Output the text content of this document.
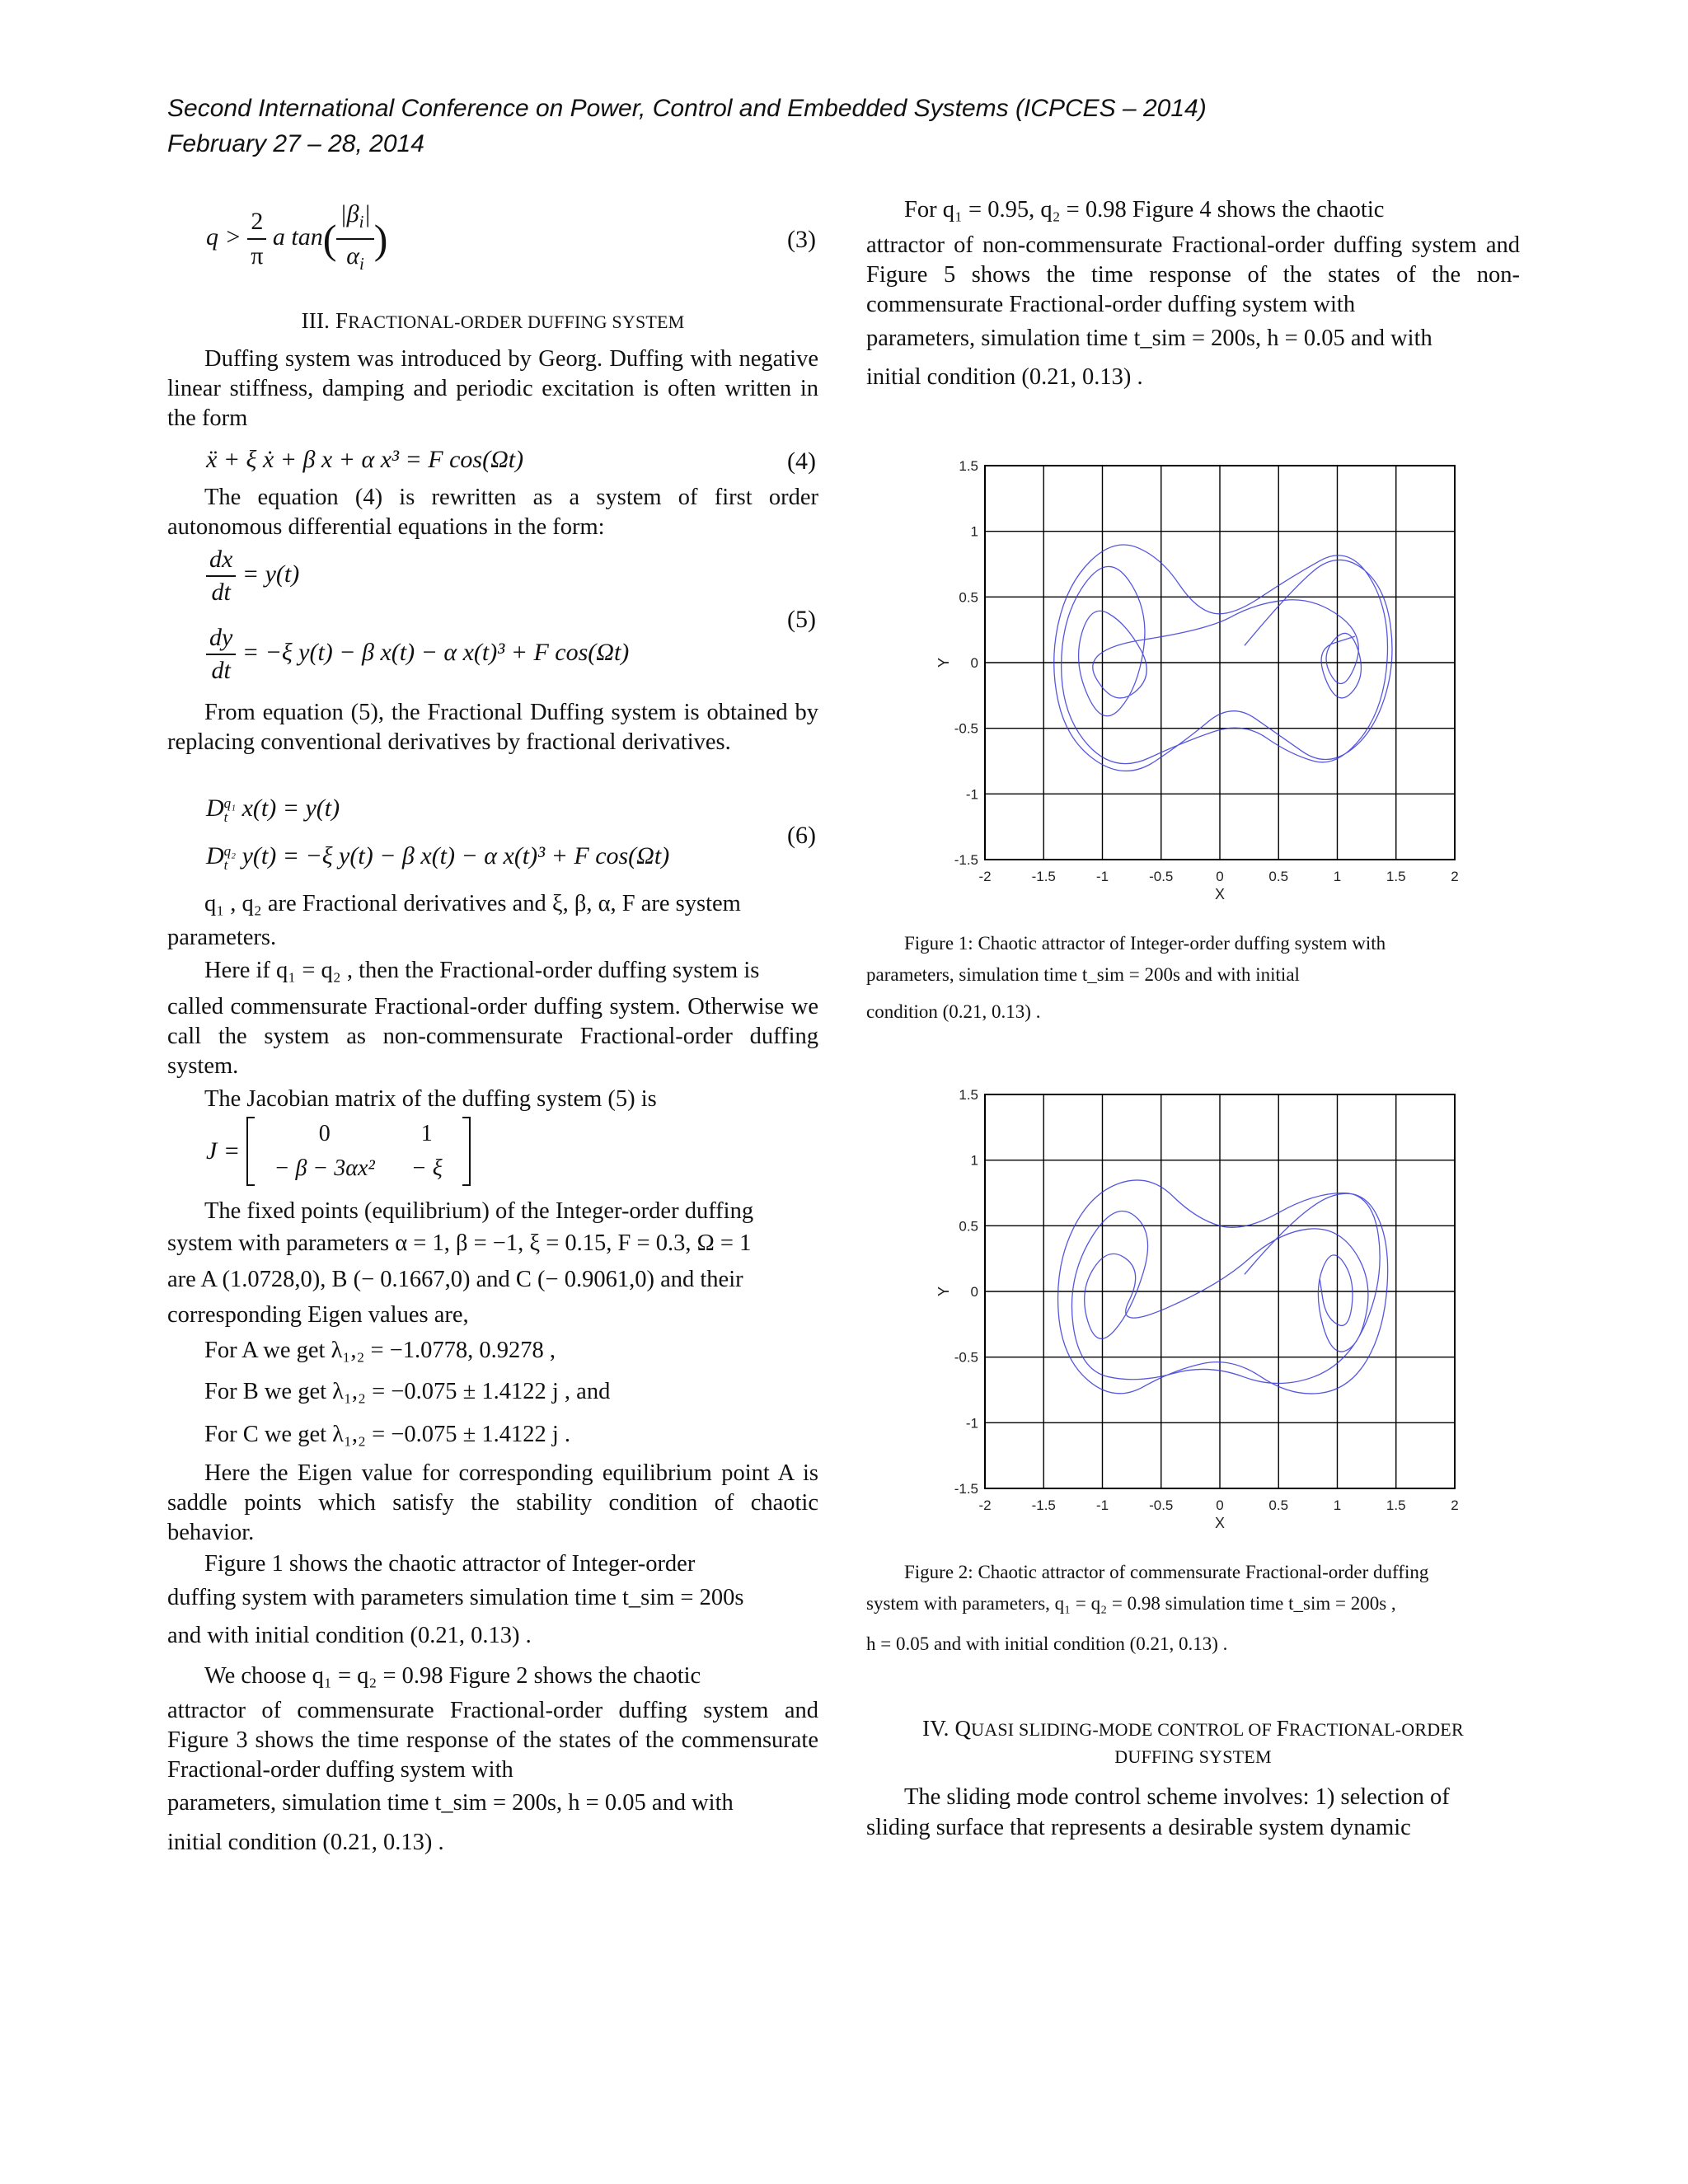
Second International Conference on Power, Control and Embedded Systems (ICPCES – 2014)
February 27 – 28, 2014
$q > \frac{2}{\pi}$ a $\tan( \frac{|\beta_i|}{\alpha_i}$ )	(3)
III. FRACTIONAL-ORDER DUFFING SYSTEM
Duffing system was introduced by Georg. Duffing with negative linear stiffness, damping and periodic excitation is often written in the form
ẍ + ξ ẋ + β x + α x³ = F cos(Ωt)	(4)
The equation (4) is rewritten as a system of first order autonomous differential equations in the form:
$\frac{dx}{dt} = y(t)$
$\frac{dy}{dt} = -\xi$ y(t) − β x(t) − α x(t)³ + F cos(Ωt)
(5)
From equation (5), the Fractional Duffing system is obtained by replacing conventional derivatives by fractional derivatives.
D q₁
t x(t) = y(t)
D q₂
t y(t) = −ξ y(t) − β x(t) − α x(t)³ + F cos(Ωt)
(6)
q₁ , q₂ are Fractional derivatives and ξ, β, α, F are system
parameters.
Here if q₁ = q₂ , then the Fractional-order duffing system is
called commensurate Fractional-order duffing system. Otherwise we call the system as non-commensurate Fractional-order duffing system.
The Jacobian matrix of the duffing system (5) is
J =
0	1
− β − 3αx²	− ξ
The fixed points (equilibrium) of the Integer-order duffing
system with parameters α = 1, β = −1, ξ = 0.15, F = 0.3, Ω = 1
are A (1.0728,0), B (− 0.1667,0) and C (− 0.9061,0) and their
corresponding Eigen values are,
For A we get λ₁,₂ = −1.0778, 0.9278 ,
For B we get λ₁,₂ = −0.075 ± 1.4122 j , and
For C we get λ₁,₂ = −0.075 ± 1.4122 j .
Here the Eigen value for corresponding equilibrium point A is saddle points which satisfy the stability condition of chaotic behavior.
Figure 1 shows the chaotic attractor of Integer-order
duffing system with parameters simulation time t_sim = 200s
and with initial condition (0.21, 0.13) .
We choose q₁ = q₂ = 0.98 Figure 2 shows the chaotic
attractor of commensurate Fractional-order duffing system and Figure 3 shows the time response of the states of the commensurate Fractional-order duffing system with
parameters, simulation time t_sim = 200s, h = 0.05 and with
initial condition (0.21, 0.13) .
For q₁ = 0.95, q₂ = 0.98 Figure 4 shows the chaotic
attractor of non-commensurate Fractional-order duffing system and Figure 5 shows the time response of the states of the non-commensurate Fractional-order duffing system with
parameters, simulation time t_sim = 200s, h = 0.05 and with
initial condition (0.21, 0.13) .
-2	-1.5	-1	-0.5	0	0.5	1	1.5	2
-1.5
-1
-0.5
0
0.5
1
1.5
X
Y
Figure 1: Chaotic attractor of Integer-order duffing system with
parameters, simulation time t_sim = 200s and with initial
condition (0.21, 0.13) .
-2	-1.5	-1	-0.5	0	0.5	1	1.5	2
-1.5
-1
-0.5
0
0.5
1
1.5
X
Y
Figure 2: Chaotic attractor of commensurate Fractional-order duffing
system with parameters, q₁ = q₂ = 0.98 simulation time t_sim = 200s ,
h = 0.05 and with initial condition (0.21, 0.13) .
IV. QUASI SLIDING-MODE CONTROL OF FRACTIONAL-ORDER
DUFFING SYSTEM
The sliding mode control scheme involves: 1) selection of
sliding surface that represents a desirable system dynamic
